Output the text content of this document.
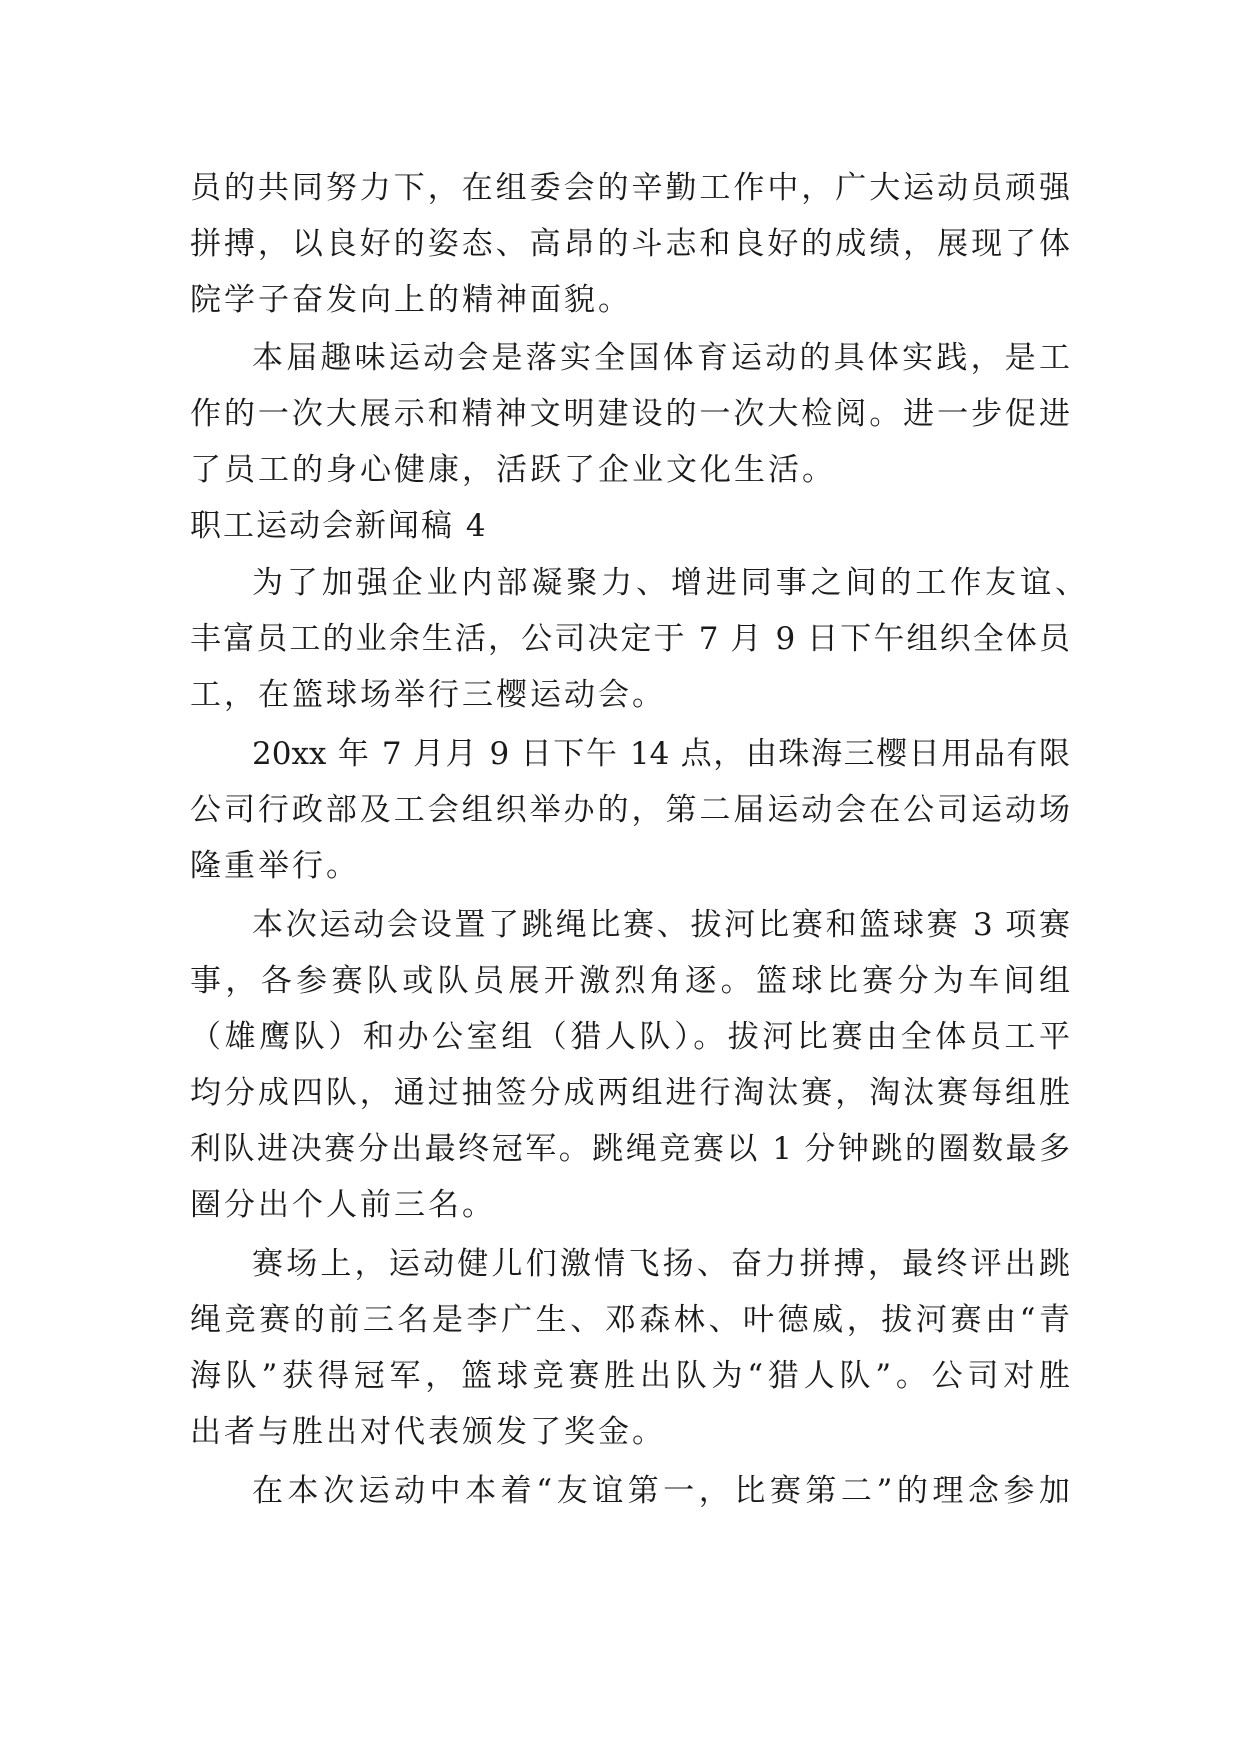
员的共同努力下，在组委会的辛勤工作中，广大运动员顽强
拼搏，以良好的姿态、高昂的斗志和良好的成绩，展现了体
院学子奋发向上的精神面貌。
本届趣味运动会是落实全国体育运动的具体实践，是工
作的一次大展示和精神文明建设的一次大检阅。进一步促进
了员工的身心健康，活跃了企业文化生活。
职工运动会新闻稿 4
为了加强企业内部凝聚力、增进同事之间的工作友谊、
丰富员工的业余生活，公司决定于 7 月 9 日下午组织全体员
工，在篮球场举行三樱运动会。
20xx 年 7 月月 9 日下午 14 点，由珠海三樱日用品有限
公司行政部及工会组织举办的，第二届运动会在公司运动场
隆重举行。
本次运动会设置了跳绳比赛、拔河比赛和篮球赛 3 项赛
事，各参赛队或队员展开激烈角逐。篮球比赛分为车间组
（雄鹰队）和办公室组（猎人队）。拔河比赛由全体员工平
均分成四队，通过抽签分成两组进行淘汰赛，淘汰赛每组胜
利队进决赛分出最终冠军。跳绳竞赛以 1 分钟跳的圈数最多
圈分出个人前三名。
赛场上，运动健儿们激情飞扬、奋力拼搏，最终评出跳
绳竞赛的前三名是李广生、邓森林、叶德威，拔河赛由“青
海队”获得冠军，篮球竞赛胜出队为“猎人队”。公司对胜
出者与胜出对代表颁发了奖金。
在本次运动中本着“友谊第一，比赛第二”的理念参加
